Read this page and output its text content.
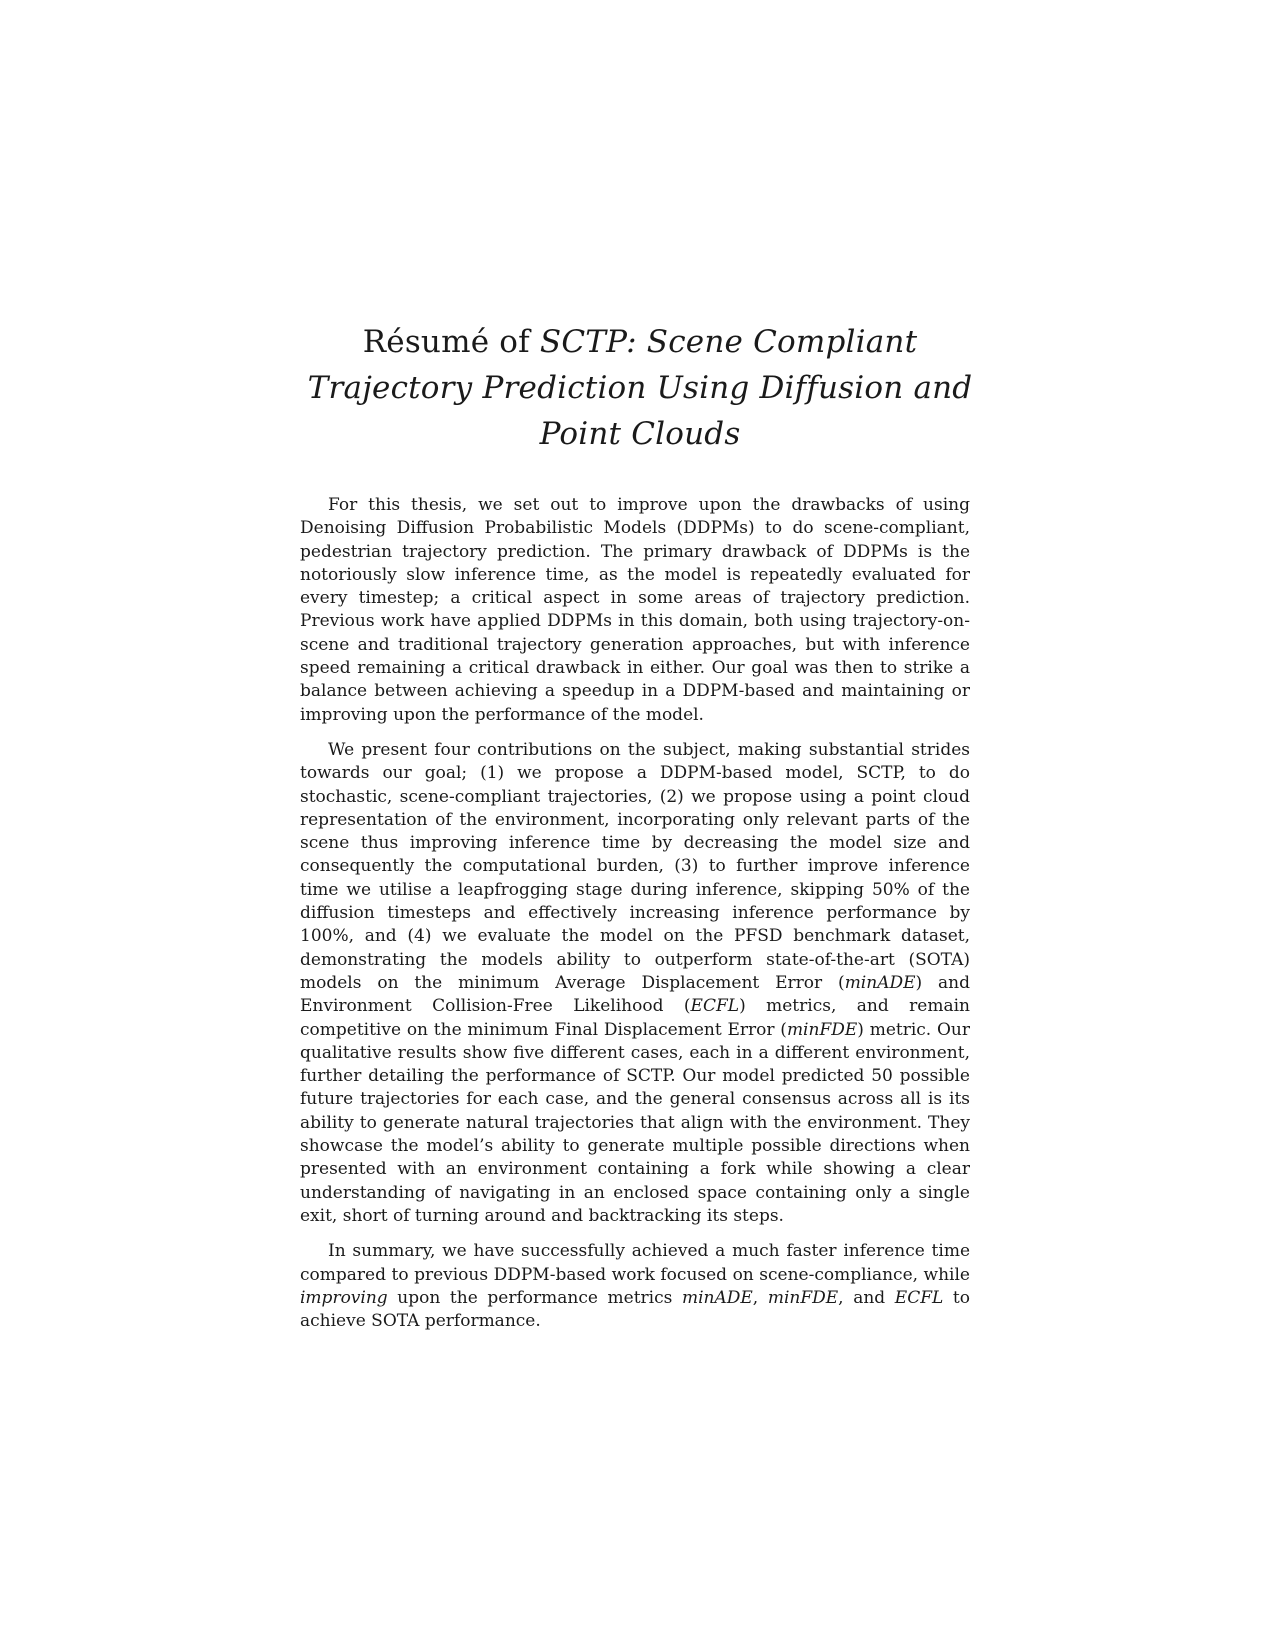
Résumé of SCTP: Scene Compliant Trajectory Prediction Using Diffusion and Point Clouds

For this thesis, we set out to improve upon the drawbacks of using Denoising Diffusion Probabilistic Models (DDPMs) to do scene-compliant, pedestrian trajectory prediction. The primary drawback of DDPMs is the notoriously slow inference time, as the model is repeatedly evaluated for every timestep; a critical aspect in some areas of trajectory prediction. Previous work have applied DDPMs in this domain, both using trajectory-on-scene and traditional trajectory generation approaches, but with inference speed remaining a critical drawback in either. Our goal was then to strike a balance between achieving a speedup in a DDPM-based and maintaining or improving upon the performance of the model.

We present four contributions on the subject, making substantial strides towards our goal; (1) we propose a DDPM-based model, SCTP, to do stochastic, scene-compliant trajectories, (2) we propose using a point cloud representation of the environment, incorporating only relevant parts of the scene thus improving inference time by decreasing the model size and consequently the computational burden, (3) to further improve inference time we utilise a leapfrogging stage during inference, skipping 50% of the diffusion timesteps and effectively increasing inference performance by 100%, and (4) we evaluate the model on the PFSD benchmark dataset, demonstrating the models ability to outperform state-of-the-art (SOTA) models on the minimum Average Displacement Error (minADE) and Environment Collision-Free Likelihood (ECFL) metrics, and remain competitive on the minimum Final Displacement Error (minFDE) metric. Our qualitative results show five different cases, each in a different environment, further detailing the performance of SCTP. Our model predicted 50 possible future trajectories for each case, and the general consensus across all is its ability to generate natural trajectories that align with the environment. They showcase the model’s ability to generate multiple possible directions when presented with an environment containing a fork while showing a clear understanding of navigating in an enclosed space containing only a single exit, short of turning around and backtracking its steps.

In summary, we have successfully achieved a much faster inference time compared to previous DDPM-based work focused on scene-compliance, while improving upon the performance metrics minADE, minFDE, and ECFL to achieve SOTA performance.
